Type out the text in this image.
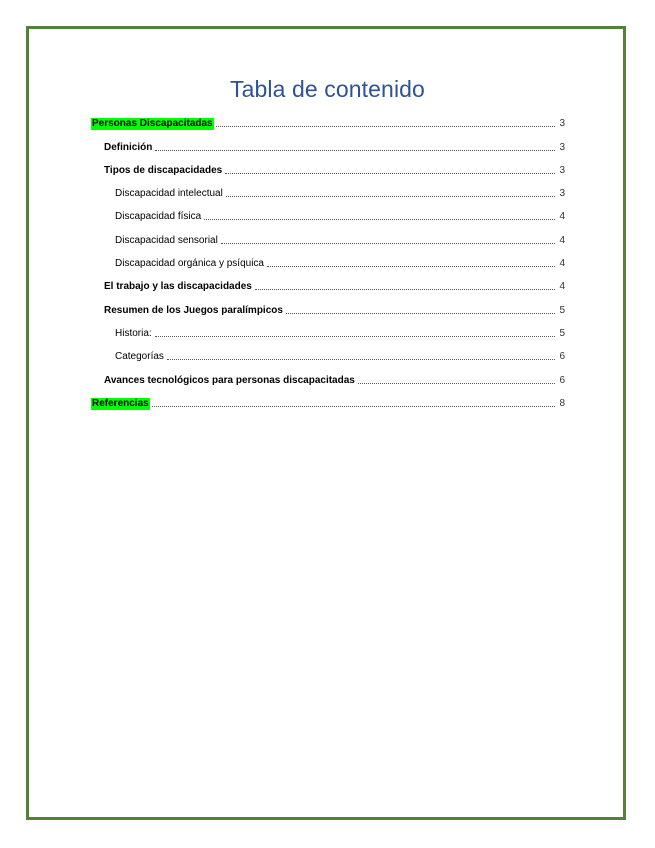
Tabla de contenido
Personas Discapacitadas	3
Definición	3
Tipos de discapacidades	3
Discapacidad intelectual	3
Discapacidad física	4
Discapacidad sensorial	4
Discapacidad orgánica y psíquica	4
El trabajo y las discapacidades	4
Resumen de los Juegos paralímpicos	5
Historia:	5
Categorías	6
Avances tecnológicos para personas discapacitadas	6
Referencias	8
